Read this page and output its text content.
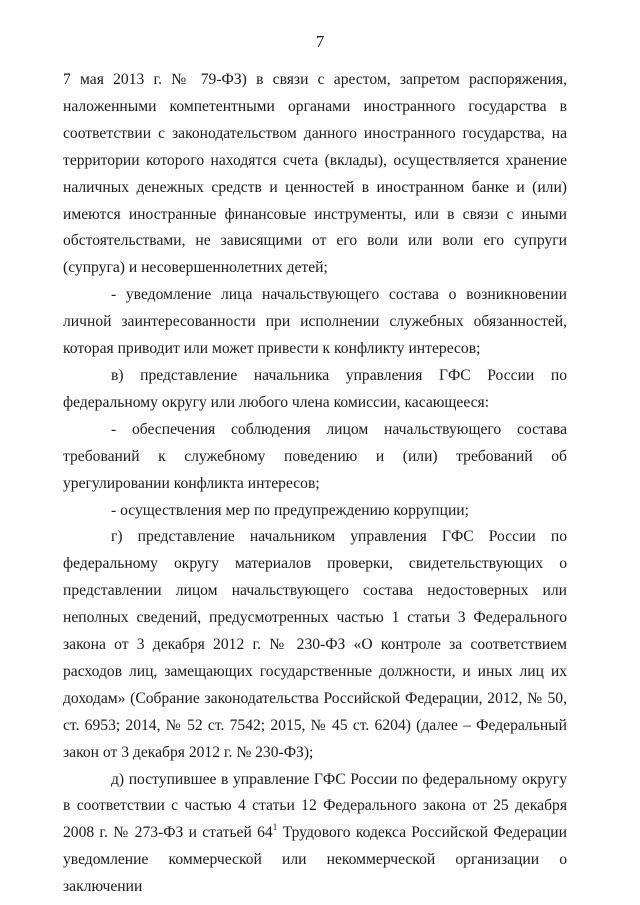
7

7 мая 2013 г. № 79-ФЗ) в связи с арестом, запретом распоряжения, наложенными компетентными органами иностранного государства в соответствии с законодательством данного иностранного государства, на территории которого находятся счета (вклады), осуществляется хранение наличных денежных средств и ценностей в иностранном банке и (или) имеются иностранные финансовые инструменты, или в связи с иными обстоятельствами, не зависящими от его воли или воли его супруги (супруга) и несовершеннолетних детей;

- уведомление лица начальствующего состава о возникновении личной заинтересованности при исполнении служебных обязанностей, которая приводит или может привести к конфликту интересов;

в) представление начальника управления ГФС России по федеральному округу или любого члена комиссии, касающееся:

- обеспечения соблюдения лицом начальствующего состава требований к служебному поведению и (или) требований об урегулировании конфликта интересов;

- осуществления мер по предупреждению коррупции;

г) представление начальником управления ГФС России по федеральному округу материалов проверки, свидетельствующих о представлении лицом начальствующего состава недостоверных или неполных сведений, предусмотренных частью 1 статьи 3 Федерального закона от 3 декабря 2012 г. № 230-ФЗ «О контроле за соответствием расходов лиц, замещающих государственные должности, и иных лиц их доходам» (Собрание законодательства Российской Федерации, 2012, № 50, ст. 6953; 2014, № 52 ст. 7542; 2015, № 45 ст. 6204) (далее – Федеральный закон от 3 декабря 2012 г. № 230-ФЗ);

д) поступившее в управление ГФС России по федеральному округу в соответствии с частью 4 статьи 12 Федерального закона от 25 декабря 2008 г. № 273-ФЗ и статьей $64^1$ Трудового кодекса Российской Федерации уведомление коммерческой или некоммерческой организации о заключении
